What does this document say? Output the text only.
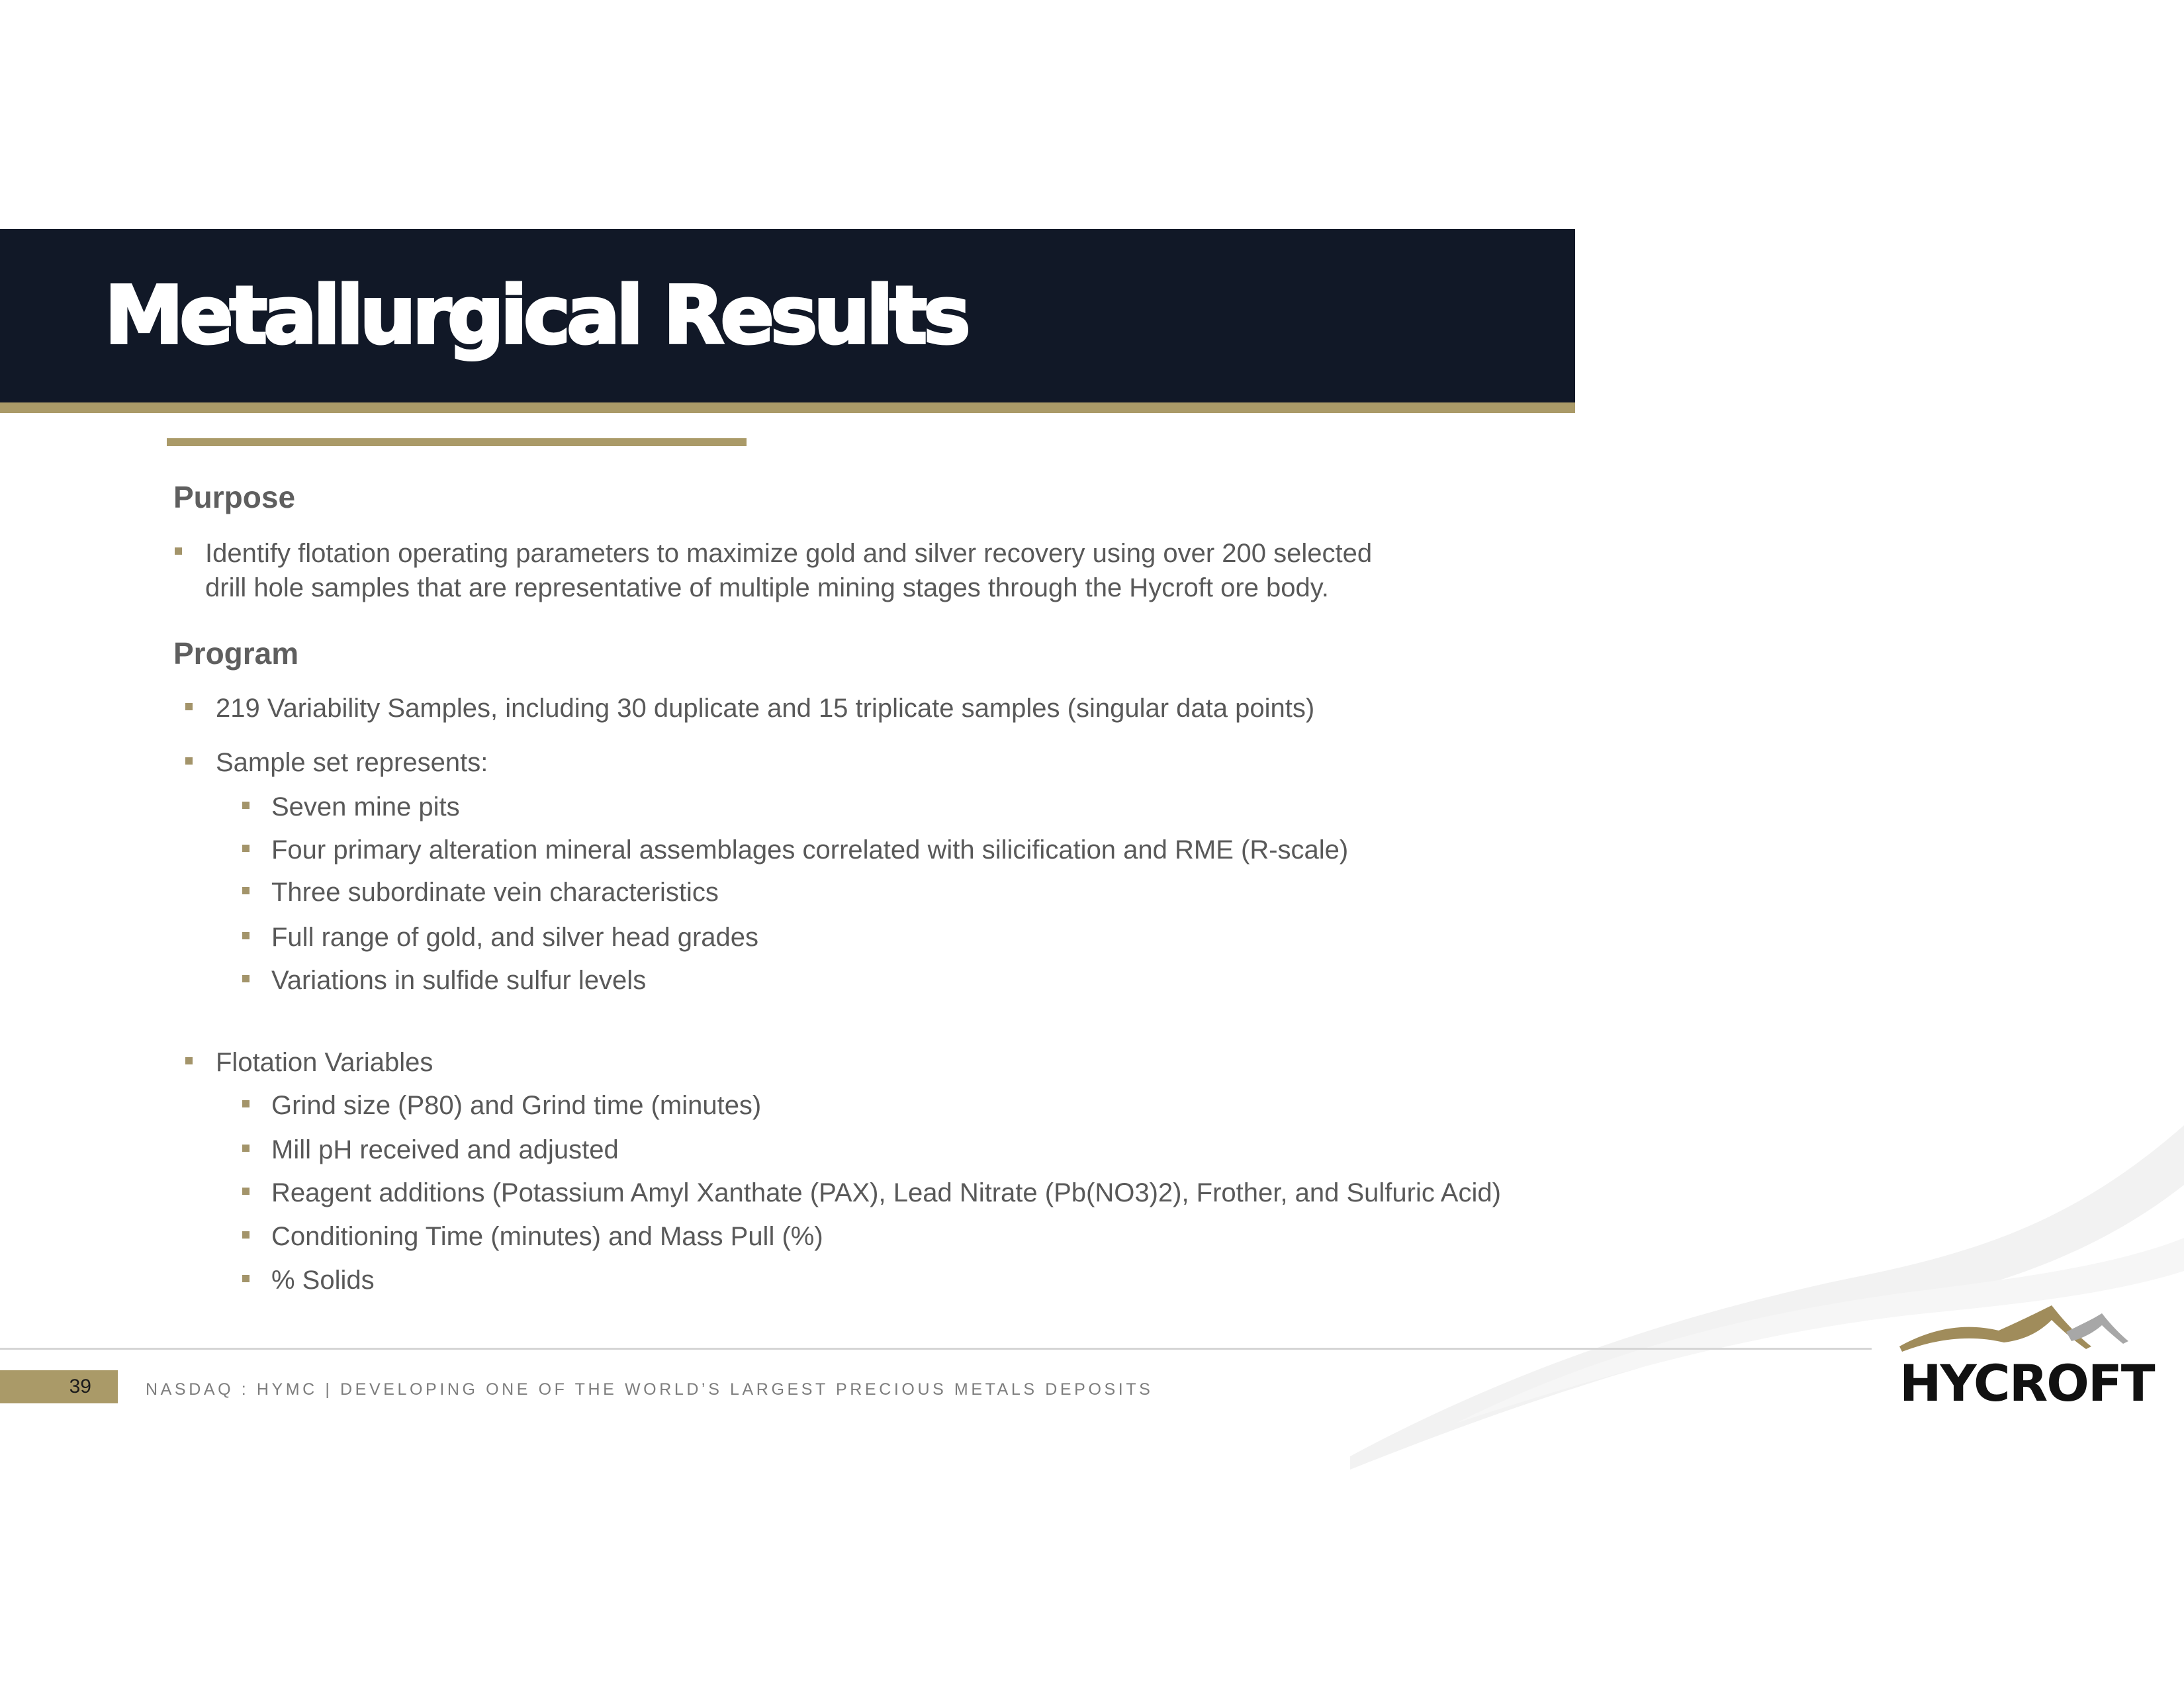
Metallurgical Results
Purpose
Identify flotation operating parameters to maximize gold and silver recovery using over 200 selected
drill hole samples that are representative of multiple mining stages through the Hycroft ore body.
Program
219 Variability Samples, including 30 duplicate and 15 triplicate samples (singular data points)
Sample set represents:
Seven mine pits
Four primary alteration mineral assemblages correlated with silicification and RME (R-scale)
Three subordinate vein characteristics
Full range of gold, and silver head grades
Variations in sulfide sulfur levels
Flotation Variables
Grind size (P80) and Grind time (minutes)
Mill pH received and adjusted
Reagent additions (Potassium Amyl Xanthate (PAX), Lead Nitrate (Pb(NO3)2), Frother, and Sulfuric Acid)
Conditioning Time (minutes) and Mass Pull (%)
% Solids
39	NASDAQ : HYMC | DEVELOPING ONE OF THE WORLD’S LARGEST PRECIOUS METALS DEPOSITS	HYCROFT
